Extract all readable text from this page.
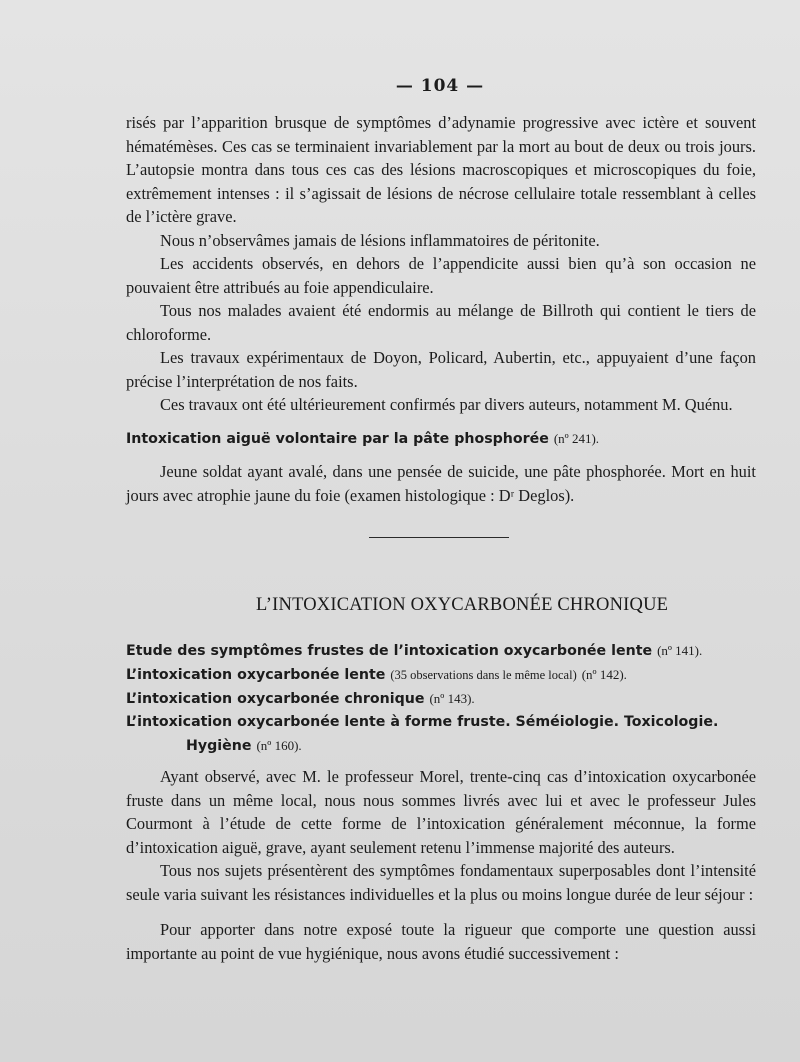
— 104 —

risés par l’apparition brusque de symptômes d’adynamie progressive avec ictère et souvent hématémèses. Ces cas se terminaient invariablement par la mort au bout de deux ou trois jours. L’autopsie montra dans tous ces cas des lésions macroscopiques et microscopiques du foie, extrêmement intenses : il s’agissait de lésions de nécrose cellulaire totale ressemblant à celles de l’ictère grave.

Nous n’observâmes jamais de lésions inflammatoires de péritonite.

Les accidents observés, en dehors de l’appendicite aussi bien qu’à son occasion ne pouvaient être attribués au foie appendiculaire.

Tous nos malades avaient été endormis au mélange de Billroth qui contient le tiers de chloroforme.

Les travaux expérimentaux de Doyon, Policard, Aubertin, etc., appuyaient d’une façon précise l’interprétation de nos faits.

Ces travaux ont été ultérieurement confirmés par divers auteurs, notamment M. Quénu.

Intoxication aiguë volontaire par la pâte phosphorée (nº 241).

Jeune soldat ayant avalé, dans une pensée de suicide, une pâte phosphorée. Mort en huit jours avec atrophie jaune du foie (examen histologique : Dʳ Deglos).

L’INTOXICATION OXYCARBONÉE CHRONIQUE
Etude des symptômes frustes de l’intoxication oxycarbonée lente (nº 141).
L’intoxication oxycarbonée lente (35 observations dans le même local) (nº 142).
L’intoxication oxycarbonée chronique (nº 143).
L’intoxication oxycarbonée lente à forme fruste. Séméiologie. Toxicologie. Hygiène (nº 160).

Ayant observé, avec M. le professeur Morel, trente-cinq cas d’intoxication oxycarbonée fruste dans un même local, nous nous sommes livrés avec lui et avec le professeur Jules Courmont à l’étude de cette forme de l’intoxication généralement méconnue, la forme d’intoxication aiguë, grave, ayant seulement retenu l’immense majorité des auteurs.

Tous nos sujets présentèrent des symptômes fondamentaux superposables dont l’intensité seule varia suivant les résistances individuelles et la plus ou moins longue durée de leur séjour :

Pour apporter dans notre exposé toute la rigueur que comporte une question aussi importante au point de vue hygiénique, nous avons étudié successivement :
